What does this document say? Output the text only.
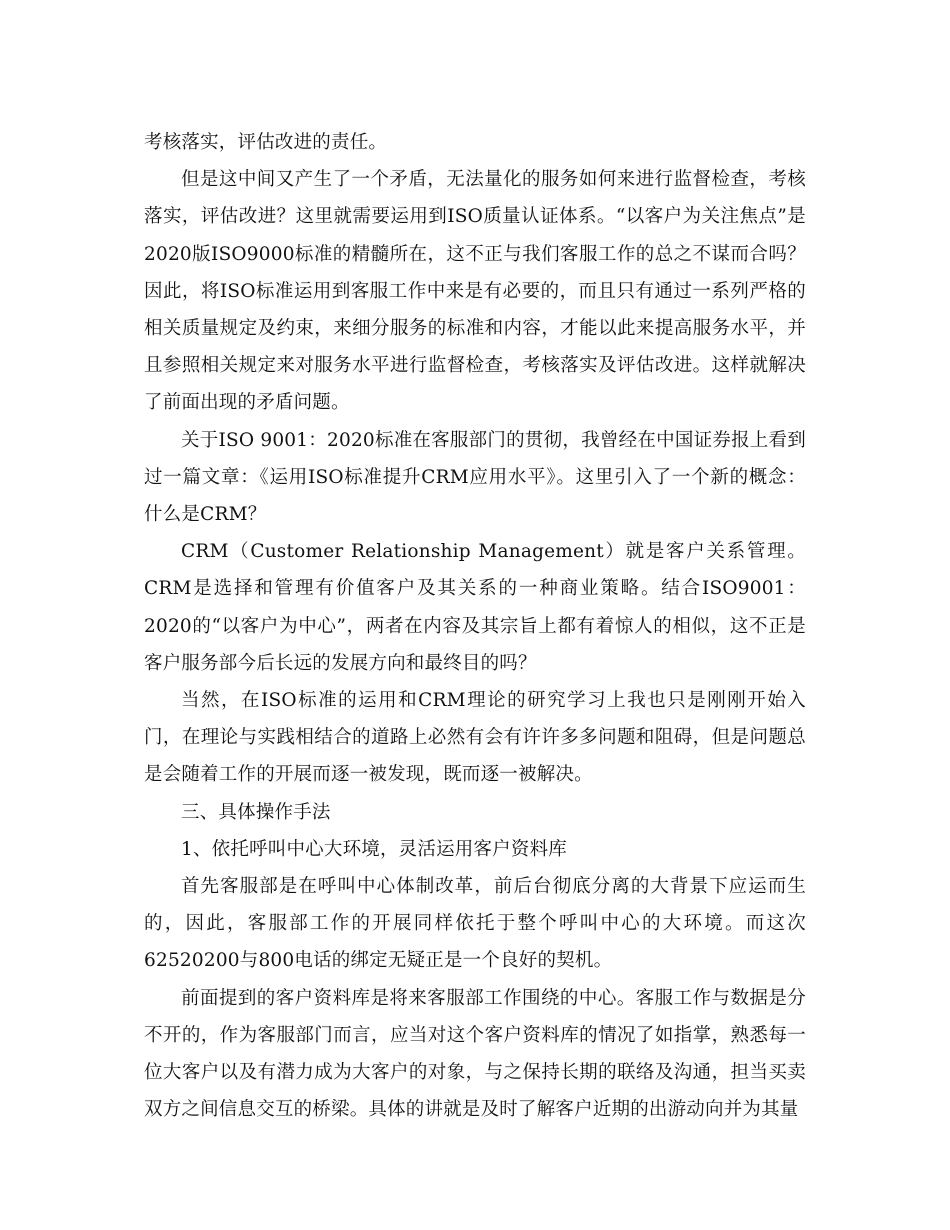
考核落实，评估改进的责任。

但是这中间又产生了一个矛盾，无法量化的服务如何来进行监督检查，考核落实，评估改进？这里就需要运用到ISO质量认证体系。“以客户为关注焦点”是2020版ISO9000标准的精髓所在，这不正与我们客服工作的总之不谋而合吗？因此，将ISO标准运用到客服工作中来是有必要的，而且只有通过一系列严格的相关质量规定及约束，来细分服务的标准和内容，才能以此来提高服务水平，并且参照相关规定来对服务水平进行监督检查，考核落实及评估改进。这样就解决了前面出现的矛盾问题。

关于ISO 9001：2020标准在客服部门的贯彻，我曾经在中国证券报上看到过一篇文章：《运用ISO标准提升CRM应用水平》。这里引入了一个新的概念：什么是CRM？

CRM（Customer Relationship Management）就是客户关系管理。CRM是选择和管理有价值客户及其关系的一种商业策略。结合ISO9001：2020的“以客户为中心”，两者在内容及其宗旨上都有着惊人的相似，这不正是客户服务部今后长远的发展方向和最终目的吗？

当然，在ISO标准的运用和CRM理论的研究学习上我也只是刚刚开始入门，在理论与实践相结合的道路上必然有会有许许多多问题和阻碍，但是问题总是会随着工作的开展而逐一被发现，既而逐一被解决。

三、具体操作手法

1、依托呼叫中心大环境，灵活运用客户资料库

首先客服部是在呼叫中心体制改革，前后台彻底分离的大背景下应运而生的，因此，客服部工作的开展同样依托于整个呼叫中心的大环境。而这次62520200与800电话的绑定无疑正是一个良好的契机。

前面提到的客户资料库是将来客服部工作围绕的中心。客服工作与数据是分不开的，作为客服部门而言，应当对这个客户资料库的情况了如指掌，熟悉每一位大客户以及有潜力成为大客户的对象，与之保持长期的联络及沟通，担当买卖双方之间信息交互的桥梁。具体的讲就是及时了解客户近期的出游动向并为其量
